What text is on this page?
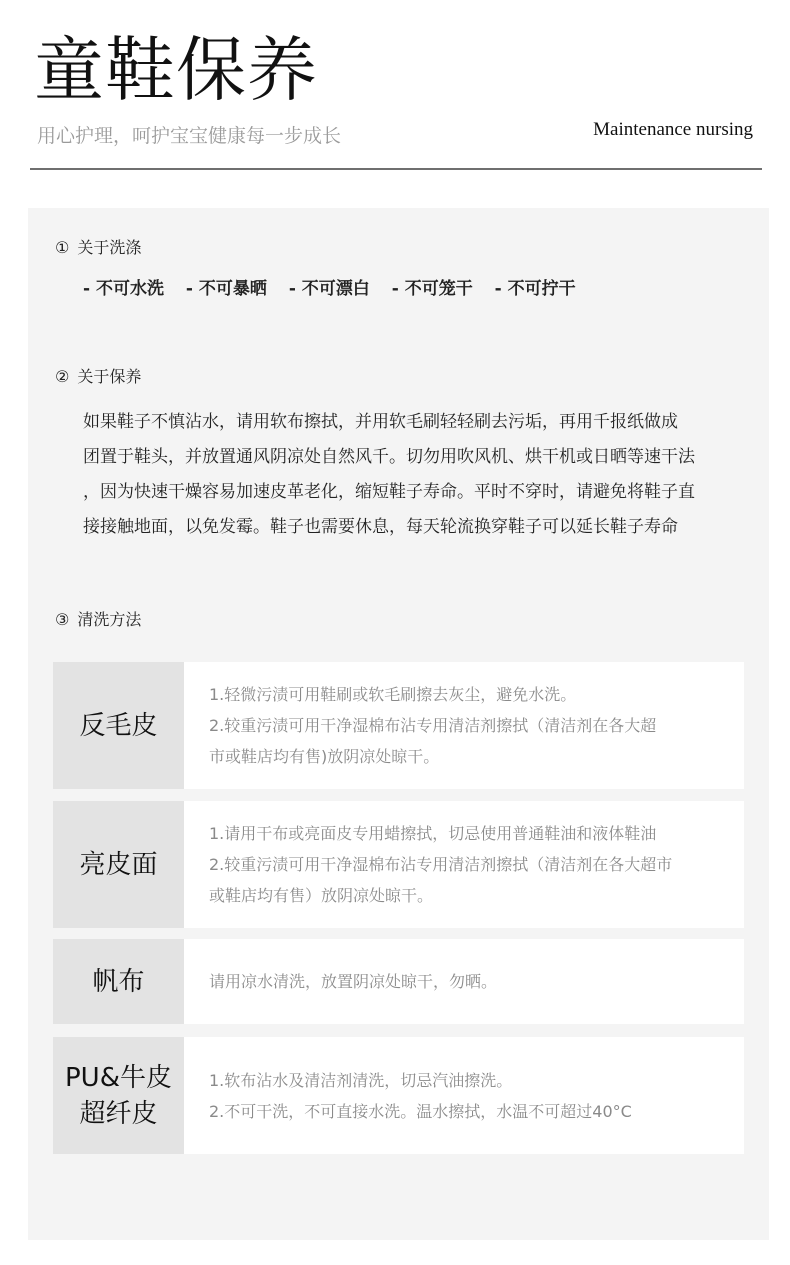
童鞋保养
用心护理，呵护宝宝健康每一步成长	Maintenance nursing
① 关于洗涤
- 不可水洗 - 不可暴晒 - 不可漂白 - 不可笼干 - 不可拧干
② 关于保养
如果鞋子不慎沾水，请用软布擦拭，并用软毛刷轻轻刷去污垢，再用千报纸做成
团置于鞋头，并放置通风阴凉处自然风千。切勿用吹风机、烘干机或日晒等速干法
，因为快速干燥容易加速皮革老化，缩短鞋子寿命。平时不穿时，请避免将鞋子直
接接触地面，以免发霉。鞋子也需要休息，每天轮流换穿鞋子可以延长鞋子寿命
③ 清洗方法
反毛皮
1.轻微污渍可用鞋刷或软毛刷擦去灰尘，避免水洗。
2.较重污渍可用干净湿棉布沾专用清洁剂擦拭（清洁剂在各大超
市或鞋店均有售)放阴凉处晾干。
亮皮面
1.请用干布或亮面皮专用蜡擦拭，切忌使用普通鞋油和液体鞋油
2.较重污渍可用干净湿棉布沾专用清洁剂擦拭（清洁剂在各大超市
或鞋店均有售）放阴凉处晾干。
帆布	请用凉水清洗，放置阴凉处晾干，勿晒。
PU&牛皮
超纤皮
1.软布沾水及清洁剂清洗，切忌汽油擦洗。
2.不可干洗，不可直接水洗。温水擦拭，水温不可超过40°C
